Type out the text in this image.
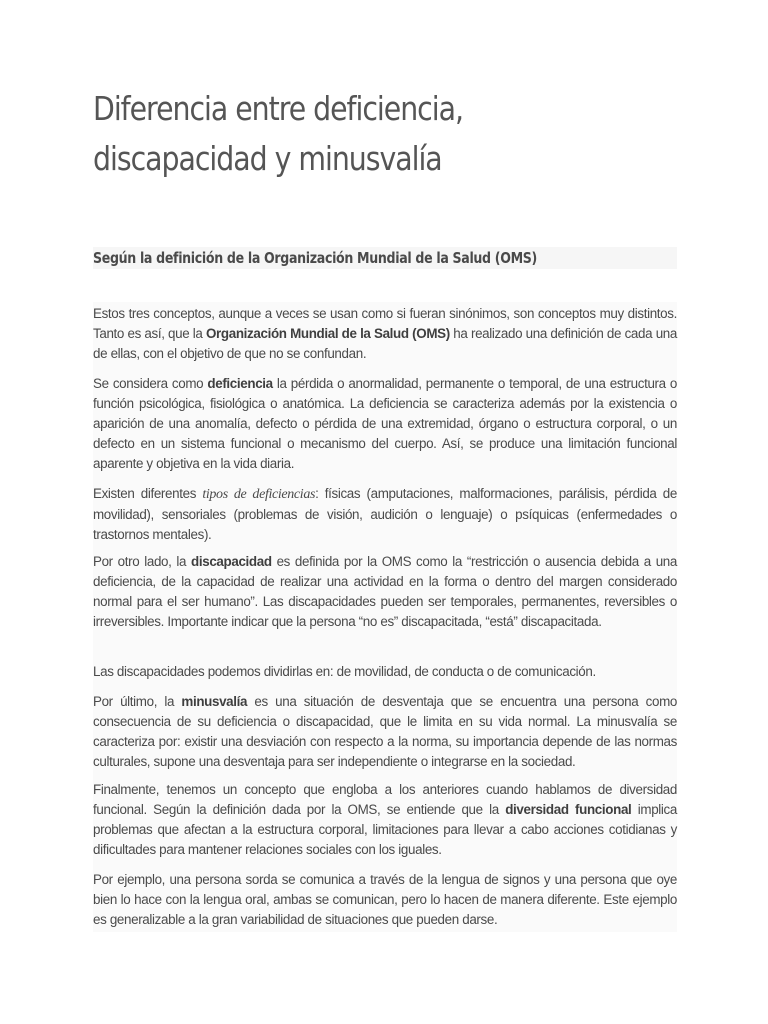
Diferencia entre deficiencia,
discapacidad y minusvalía
Según la definición de la Organización Mundial de la Salud (OMS)

Estos tres conceptos, aunque a veces se usan como si fueran sinónimos, son conceptos muy distintos. Tanto es así, que la Organización Mundial de la Salud (OMS) ha realizado una definición de cada una de ellas, con el objetivo de que no se confundan.

Se considera como deficiencia la pérdida o anormalidad, permanente o temporal, de una estructura o función psicológica, fisiológica o anatómica. La deficiencia se caracteriza además por la existencia o aparición de una anomalía, defecto o pérdida de una extremidad, órgano o estructura corporal, o un defecto en un sistema funcional o mecanismo del cuerpo. Así, se produce una limitación funcional aparente y objetiva en la vida diaria.

Existen diferentes tipos de deficiencias: físicas (amputaciones, malformaciones, parálisis, pérdida de movilidad), sensoriales (problemas de visión, audición o lenguaje) o psíquicas (enfermedades o trastornos mentales).

Por otro lado, la discapacidad es definida por la OMS como la “restricción o ausencia debida a una deficiencia, de la capacidad de realizar una actividad en la forma o dentro del margen considerado normal para el ser humano”. Las discapacidades pueden ser temporales, permanentes, reversibles o irreversibles. Importante indicar que la persona “no es” discapacitada, “está” discapacitada.

Las discapacidades podemos dividirlas en: de movilidad, de conducta o de comunicación.

Por último, la minusvalía es una situación de desventaja que se encuentra una persona como consecuencia de su deficiencia o discapacidad, que le limita en su vida normal. La minusvalía se caracteriza por: existir una desviación con respecto a la norma, su importancia depende de las normas culturales, supone una desventaja para ser independiente o integrarse en la sociedad.

Finalmente, tenemos un concepto que engloba a los anteriores cuando hablamos de diversidad funcional. Según la definición dada por la OMS, se entiende que la diversidad funcional implica problemas que afectan a la estructura corporal, limitaciones para llevar a cabo acciones cotidianas y dificultades para mantener relaciones sociales con los iguales.

Por ejemplo, una persona sorda se comunica a través de la lengua de signos y una persona que oye bien lo hace con la lengua oral, ambas se comunican, pero lo hacen de manera diferente. Este ejemplo es generalizable a la gran variabilidad de situaciones que pueden darse.
